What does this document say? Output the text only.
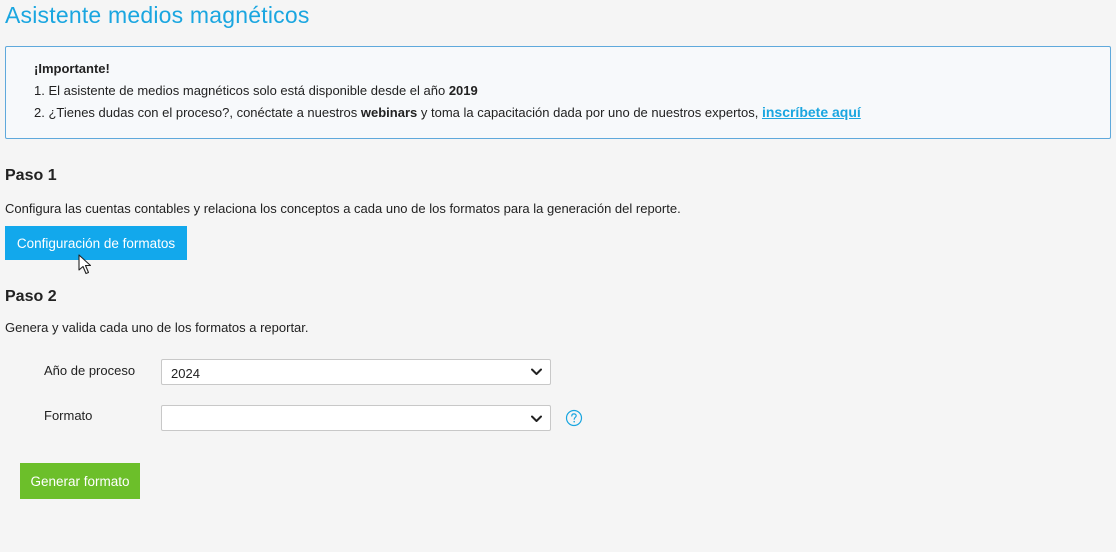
Asistente medios magnéticos
¡Importante!
1. El asistente de medios magnéticos solo está disponible desde el año 2019
2. ¿Tienes dudas con el proceso?, conéctate a nuestros webinars y toma la capacitación dada por uno de nuestros expertos, inscríbete aquí
Paso 1
Configura las cuentas contables y relaciona los conceptos a cada uno de los formatos para la generación del reporte.
Configuración de formatos
Paso 2
Genera y valida cada uno de los formatos a reportar.
Año de proceso	2024
Formato
Generar formato
